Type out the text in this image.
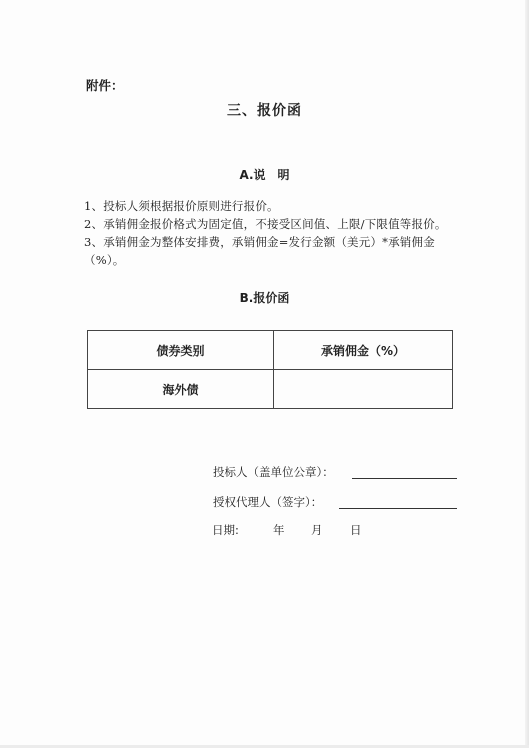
附件：
三、报价函
A.说　明
1、投标人须根据报价原则进行报价。
2、承销佣金报价格式为固定值，不接受区间值、上限/下限值等报价。
3、承销佣金为整体安排费，承销佣金=发行金额（美元）*承销佣金
（%）。
B.报价函
债券类别	承销佣金（%）
海外债	
投标人（盖单位公章）：
授权代理人（签字）：
日期:	年 月 日
